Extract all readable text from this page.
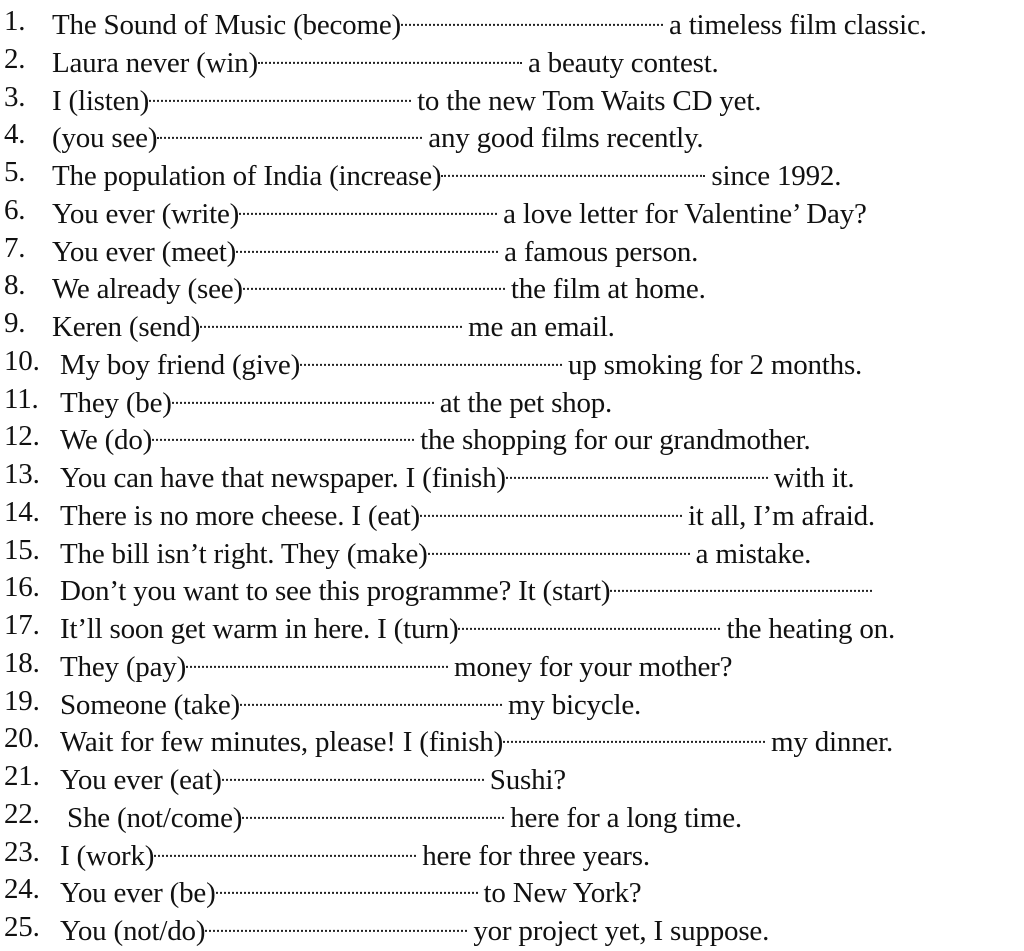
1. The Sound of Music (become)	a timeless film classic.
2. Laura never (win)	a beauty contest.
3. I (listen)	to the new Tom Waits CD yet.
4. (you see)	any good films recently.
5. The population of India (increase)	since 1992.
6. You ever (write)	a love letter for Valentine’ Day?
7. You ever (meet)	a famous person.
8. We already (see)	the film at home.
9. Keren (send)	me an email.
10. My boy friend (give)	up smoking for 2 months.
11. They (be)	at the pet shop.
12. We (do)	the shopping for our grandmother.
13. You can have that newspaper. I (finish)	with it.
14. There is no more cheese. I (eat)	it all, I’m afraid.
15. The bill isn’t right. They (make)	a mistake.
16. Don’t you want to see this programme? It (start)
17. It’ll soon get warm in here. I (turn)	the heating on.
18. They (pay)	money for your mother?
19. Someone (take)	my bicycle.
20. Wait for few minutes, please! I (finish)	my dinner.
21. You ever (eat)	Sushi?
22. She (not/come)	here for a long time.
23. I (work)	here for three years.
24. You ever (be)	to New York?
25. You (not/do)	yor project yet, I suppose.
